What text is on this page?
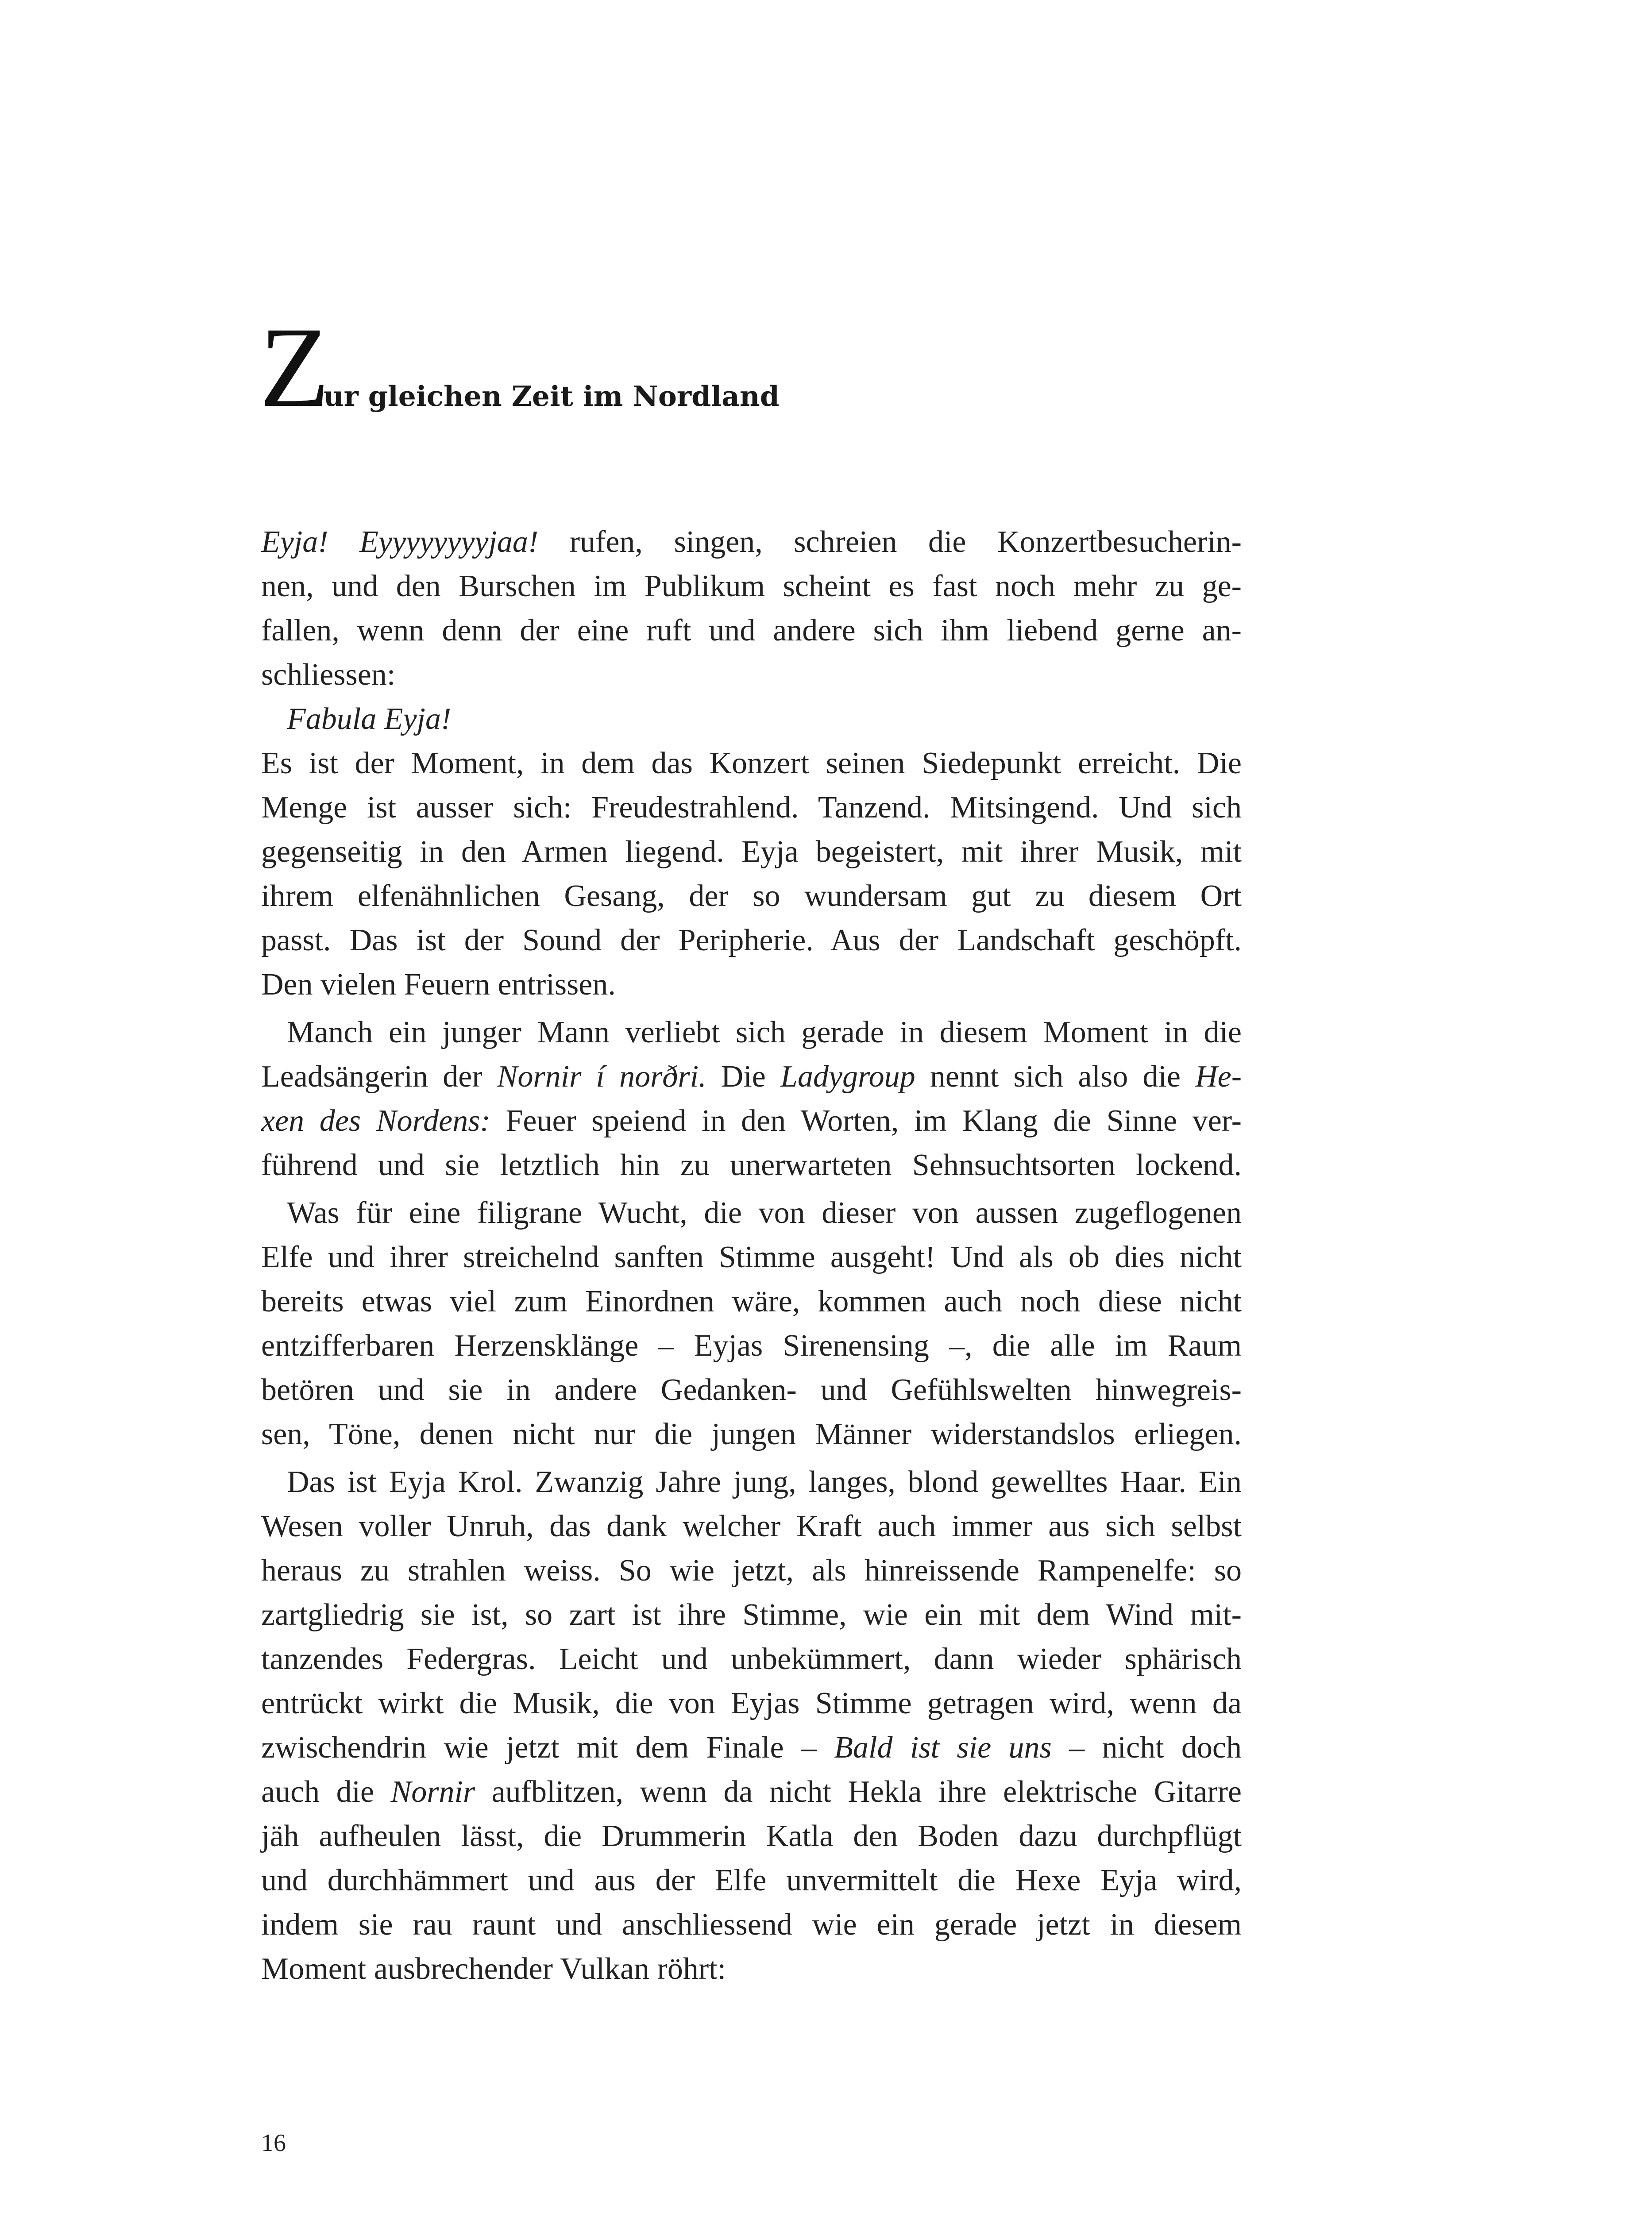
Zur gleichen Zeit im Nordland
Eyja! Eyyyyyyyyjaa! rufen, singen, schreien die Konzertbesucherin-
nen, und den Burschen im Publikum scheint es fast noch mehr zu ge-
fallen, wenn denn der eine ruft und andere sich ihm liebend gerne an-
schliessen:
Fabula Eyja!
Es ist der Moment, in dem das Konzert seinen Siedepunkt erreicht. Die
Menge ist ausser sich: Freudestrahlend. Tanzend. Mitsingend. Und sich
gegenseitig in den Armen liegend. Eyja begeistert, mit ihrer Musik, mit
ihrem elfenähnlichen Gesang, der so wundersam gut zu diesem Ort
passt. Das ist der Sound der Peripherie. Aus der Landschaft geschöpft.
Den vielen Feuern entrissen.
Manch ein junger Mann verliebt sich gerade in diesem Moment in die
Leadsängerin der Nornir í norðri. Die Ladygroup nennt sich also die He-
xen des Nordens: Feuer speiend in den Worten, im Klang die Sinne ver-
führend und sie letztlich hin zu unerwarteten Sehnsuchtsorten lockend.
Was für eine filigrane Wucht, die von dieser von aussen zugeflogenen
Elfe und ihrer streichelnd sanften Stimme ausgeht! Und als ob dies nicht
bereits etwas viel zum Einordnen wäre, kommen auch noch diese nicht
entzifferbaren Herzensklänge – Eyjas Sirenensing –, die alle im Raum
betören und sie in andere Gedanken- und Gefühlswelten hinwegreis-
sen, Töne, denen nicht nur die jungen Männer widerstandslos erliegen.
Das ist Eyja Krol. Zwanzig Jahre jung, langes, blond gewelltes Haar. Ein
Wesen voller Unruh, das dank welcher Kraft auch immer aus sich selbst
heraus zu strahlen weiss. So wie jetzt, als hinreissende Rampenelfe: so
zartgliedrig sie ist, so zart ist ihre Stimme, wie ein mit dem Wind mit-
tanzendes Federgras. Leicht und unbekümmert, dann wieder sphärisch
entrückt wirkt die Musik, die von Eyjas Stimme getragen wird, wenn da
zwischendrin wie jetzt mit dem Finale – Bald ist sie uns – nicht doch
auch die Nornir aufblitzen, wenn da nicht Hekla ihre elektrische Gitarre
jäh aufheulen lässt, die Drummerin Katla den Boden dazu durchpflügt
und durchhämmert und aus der Elfe unvermittelt die Hexe Eyja wird,
indem sie rau raunt und anschliessend wie ein gerade jetzt in diesem
Moment ausbrechender Vulkan röhrt:
16
